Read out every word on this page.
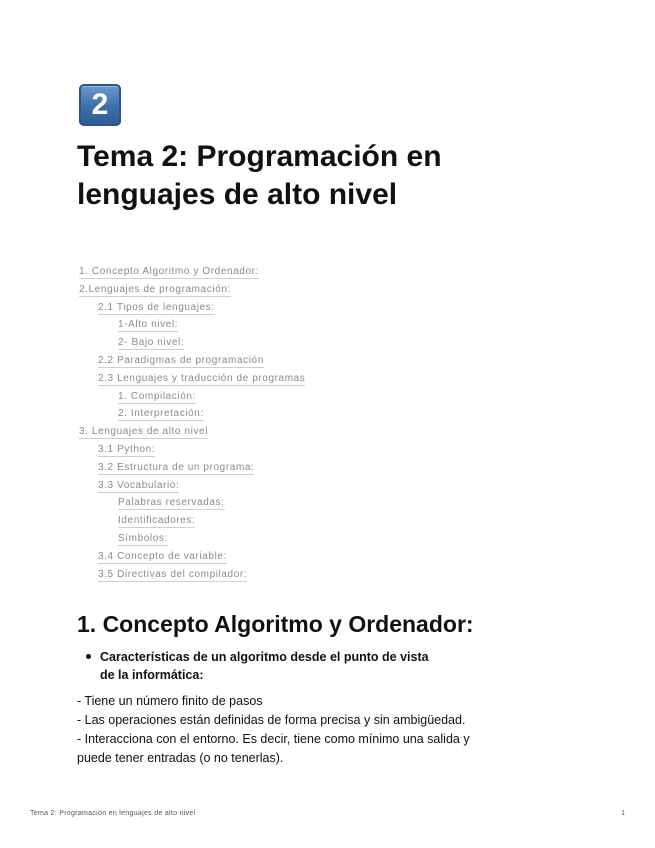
2
Tema 2: Programación en lenguajes de alto nivel
1. Concepto Algoritmo y Ordenador:
2.Lenguajes de programación:
2.1 Tipos de lenguajes:
1-Alto nivel:
2- Bajo nivel:
2.2 Paradigmas de programación
2.3 Lenguajes y traducción de programas
1. Compilación:
2. Interpretación:
3. Lenguajes de alto nivel
3.1 Python:
3.2 Estructura de un programa:
3.3 Vocabulario:
Palabras reservadas:
Identificadores:
Símbolos:
3.4 Concepto de variable:
3.5 Directivas del compilador:
1. Concepto Algoritmo y Ordenador:
Características de un algoritmo desde el punto de vista de la informática:
- Tiene un número finito de pasos
- Las operaciones están definidas de forma precisa y sin ambigüedad.
- Interacciona con el entorno. Es decir, tiene como mínimo una salida y
puede tener entradas (o no tenerlas).
Tema 2: Programación en lenguajes de alto nivel	1
